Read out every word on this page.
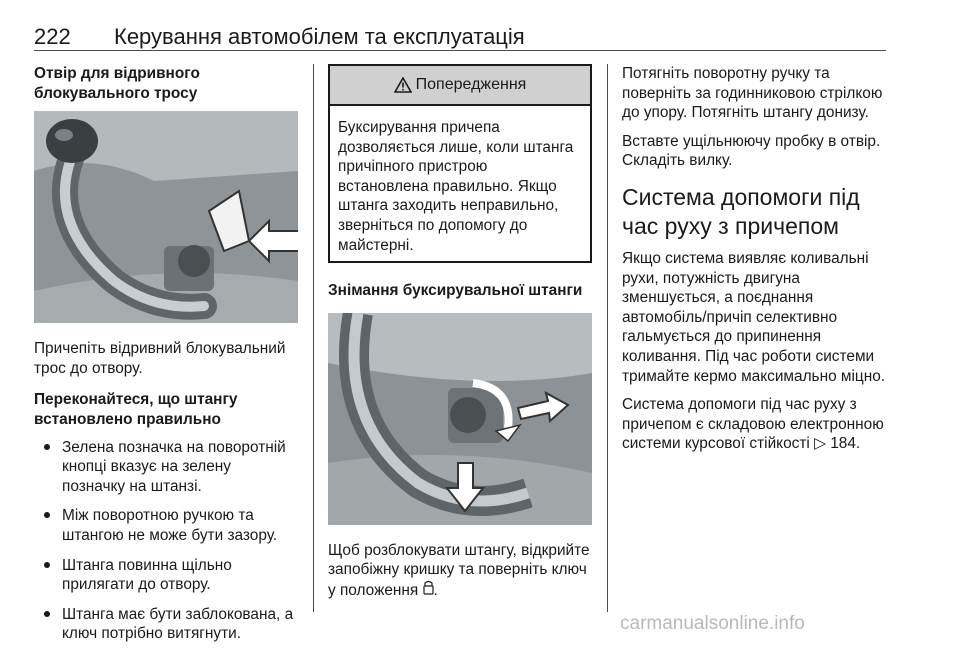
222 Керування автомобілем та експлуатація
Отвір для відривного блокувального тросу
Причепіть відривний блокувальний трос до отвору.
Переконайтеся, що штангу встановлено правильно
Зелена позначка на поворотній кнопці вказує на зелену позначку на штанзі.
Між поворотною ручкою та штангою не може бути зазору.
Штанга повинна щільно прилягати до отвору.
Штанга має бути заблокована, а ключ потрібно витягнути.
Попередження
Буксирування причепа дозволяється лише, коли штанга причіпного пристрою встановлена правильно. Якщо штанга заходить неправильно, зверніться по допомогу до майстерні.
Знімання буксирувальної штанги
Щоб розблокувати штангу, відкрийте запобіжну кришку та поверніть ключ у положення .
Потягніть поворотну ручку та поверніть за годинниковою стрілкою до упору. Потягніть штангу донизу.
Вставте ущільнюючу пробку в отвір. Складіть вилку.
Система допомоги під час руху з причепом
Якщо система виявляє коливальні рухи, потужність двигуна зменшується, а поєднання автомобіль/причіп селективно гальмується до припинення коливання. Під час роботи системи тримайте кермо максимально міцно.
Система допомоги під час руху з причепом є складовою електронною системи курсової стійкості ▷ 184.
carmanualsonline.info
